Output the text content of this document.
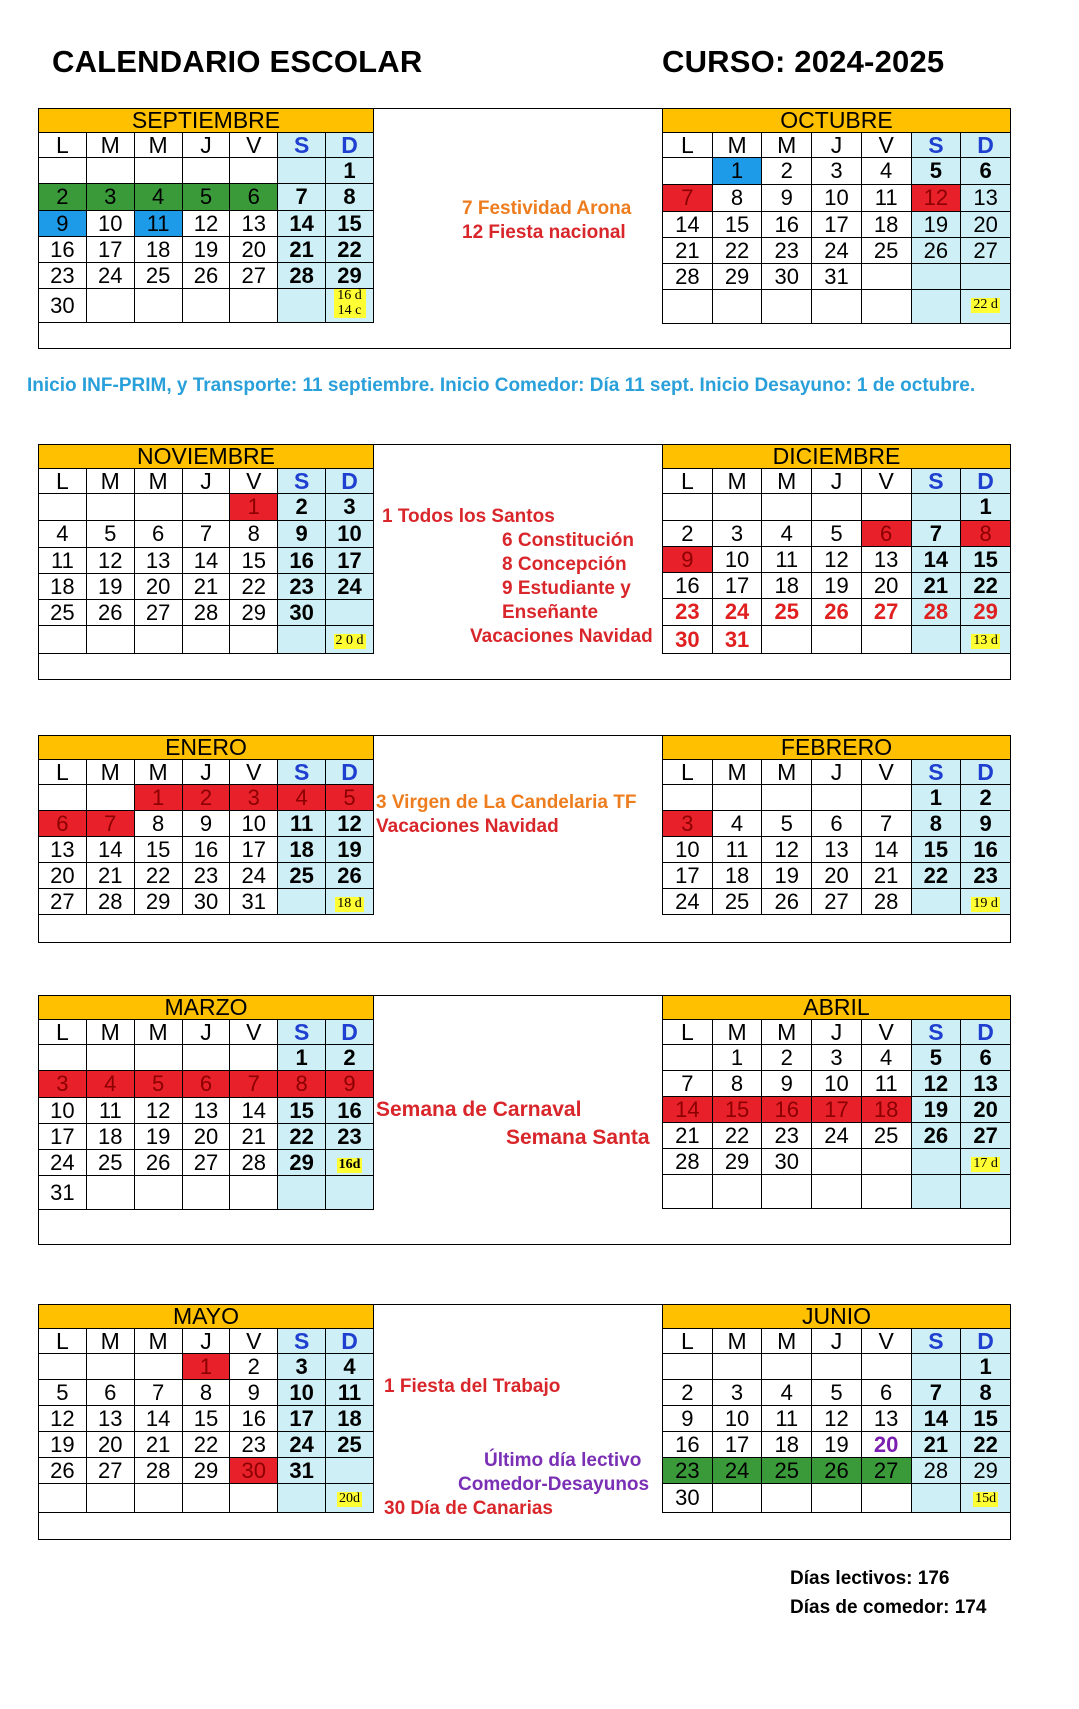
CALENDARIO ESCOLAR	CURSO: 2024-2025
SEPTIEMBRE						
L	M	M	J	V	S	D
						1
2	3	4	5	6	7	8
9	10	11	12	13	14	15
16	17	18	19	20	21	22
23	24	25	26	27	28	29
30						16 d
14 c
OCTUBRE						
L	M	M	J	V	S	D
	1	2	3	4	5	6
7	8	9	10	11	12	13
14	15	16	17	18	19	20
21	22	23	24	25	26	27
28	29	30	31			
						22 d
NOVIEMBRE						
L	M	M	J	V	S	D
				1	2	3
4	5	6	7	8	9	10
11	12	13	14	15	16	17
18	19	20	21	22	23	24
25	26	27	28	29	30	
						2 0 d
DICIEMBRE						
L	M	M	J	V	S	D
						1
2	3	4	5	6	7	8
9	10	11	12	13	14	15
16	17	18	19	20	21	22
23	24	25	26	27	28	29
30	31					13 d
ENERO						
L	M	M	J	V	S	D
		1	2	3	4	5
6	7	8	9	10	11	12
13	14	15	16	17	18	19
20	21	22	23	24	25	26
27	28	29	30	31		18 d
FEBRERO						
L	M	M	J	V	S	D
					1	2
3	4	5	6	7	8	9
10	11	12	13	14	15	16
17	18	19	20	21	22	23
24	25	26	27	28		19 d
MARZO						
L	M	M	J	V	S	D
					1	2
3	4	5	6	7	8	9
10	11	12	13	14	15	16
17	18	19	20	21	22	23
24	25	26	27	28	29	16d
31						
ABRIL						
L	M	M	J	V	S	D
	1	2	3	4	5	6
7	8	9	10	11	12	13
14	15	16	17	18	19	20
21	22	23	24	25	26	27
28	29	30				17 d

MAYO						
L	M	M	J	V	S	D
			1	2	3	4
5	6	7	8	9	10	11
12	13	14	15	16	17	18
19	20	21	22	23	24	25
26	27	28	29	30	31	
						20d
JUNIO						
L	M	M	J	V	S	D
						1
2	3	4	5	6	7	8
9	10	11	12	13	14	15
16	17	18	19	20	21	22
23	24	25	26	27	28	29
30						15d
7 Festividad Arona
12 Fiesta nacional
Inicio INF-PRIM, y Transporte: 11 septiembre. Inicio Comedor: Día 11 sept. Inicio Desayuno: 1 de octubre.
1 Todos los Santos
6 Constitución
8 Concepción
9 Estudiante y
Enseñante
Vacaciones Navidad
3 Virgen de La Candelaria TF
Vacaciones Navidad
Semana de Carnaval
Semana Santa
1 Fiesta del Trabajo
Último día lectivo
Comedor-Desayunos
30 Día de Canarias
Días lectivos: 176
Días de comedor: 174
